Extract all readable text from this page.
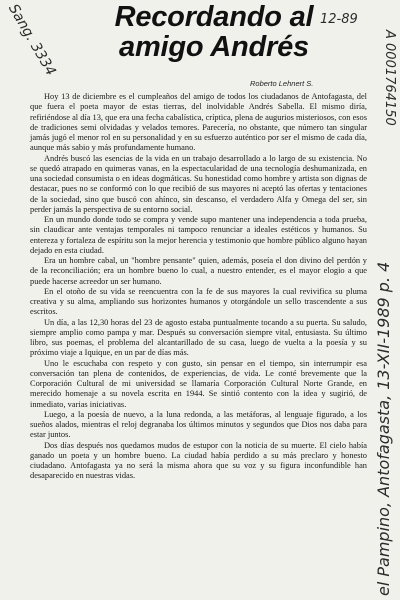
Sang. 3334	12-89
A 0001764150
el Pampino, Antofagasta, 13-XII-1989 p. 4
Recordando al
amigo Andrés
Roberto Lehnert S.

Hoy 13 de diciembre es el cumpleaños del amigo de todos los ciudadanos de Antofagasta, del que fuera el poeta mayor de estas tierras, del inolvidable Andrés Sabella. El mismo diría, refiriéndose al día 13, que era una fecha cabalística, críptica, plena de augurios misteriosos, con esos de tradiciones semi olvidadas y velados temores. Parecería, no obstante, que número tan singular jamás jugó el menor rol en su personalidad y en su esfuerzo auténtico por ser el mismo de cada día, aunque más sabio y más profundamente humano.

Andrés buscó las esencias de la vida en un trabajo desarrollado a lo largo de su existencia. No se quedó atrapado en quimeras vanas, en la espectacularidad de una tecnología deshumanizada, en una sociedad consumista o en ideas dogmáticas. Su honestidad como hombre y artista son dignas de destacar, pues no se conformó con lo que recibió de sus mayores ni aceptó las ofertas y tentaciones de la sociedad, sino que buscó con ahínco, sin descanso, el verdadero Alfa y Omega del ser, sin perder jamás la perspectiva de su entorno social.

En un mundo donde todo se compra y vende supo mantener una independencia a toda prueba, sin claudicar ante ventajas temporales ni tampoco renunciar a ideales estéticos y humanos. Su entereza y fortaleza de espíritu son la mejor herencia y testimonio que hombre público alguno hayan dejado en esta ciudad.

Era un hombre cabal, un "hombre pensante" quien, además, poseía el don divino del perdón y de la reconciliación; era un hombre bueno lo cual, a nuestro entender, es el mayor elogio a que puede hacerse acreedor un ser humano.

En el otoño de su vida se reencuentra con la fe de sus mayores la cual revivifica su pluma creativa y su alma, ampliando sus horizontes humanos y otorgándole un sello trascendente a sus escritos.

Un día, a las 12,30 horas del 23 de agosto estaba puntualmente tocando a su puerta. Su saludo, siempre amplio como pampa y mar. Después su conversación siempre vital, entusiasta. Su último libro, sus poemas, el problema del alcantarillado de su casa, luego de vuelta a la poesía y su próximo viaje a Iquique, en un par de días más.

Uno le escuchaba con respeto y con gusto, sin pensar en el tiempo, sin interrumpir esa conversación tan plena de contenidos, de experiencias, de vida. Le conté brevemente que la Corporación Cultural de mi universidad se llamaría Corporación Cultural Norte Grande, en merecido homenaje a su novela escrita en 1944. Se sintió contento con la idea y sugirió, de inmediato, varias iniciativas.

Luego, a la poesía de nuevo, a la luna redonda, a las metáforas, al lenguaje figurado, a los sueños alados, mientras el reloj degranaba los últimos minutos y segundos que Dios nos daba para estar juntos.

Dos días después nos quedamos mudos de estupor con la noticia de su muerte. El cielo había ganado un poeta y un hombre bueno. La ciudad había perdido a su más preclaro y honesto ciudadano. Antofagasta ya no será la misma ahora que su voz y su figura inconfundible han desaparecido en nuestras vidas.
